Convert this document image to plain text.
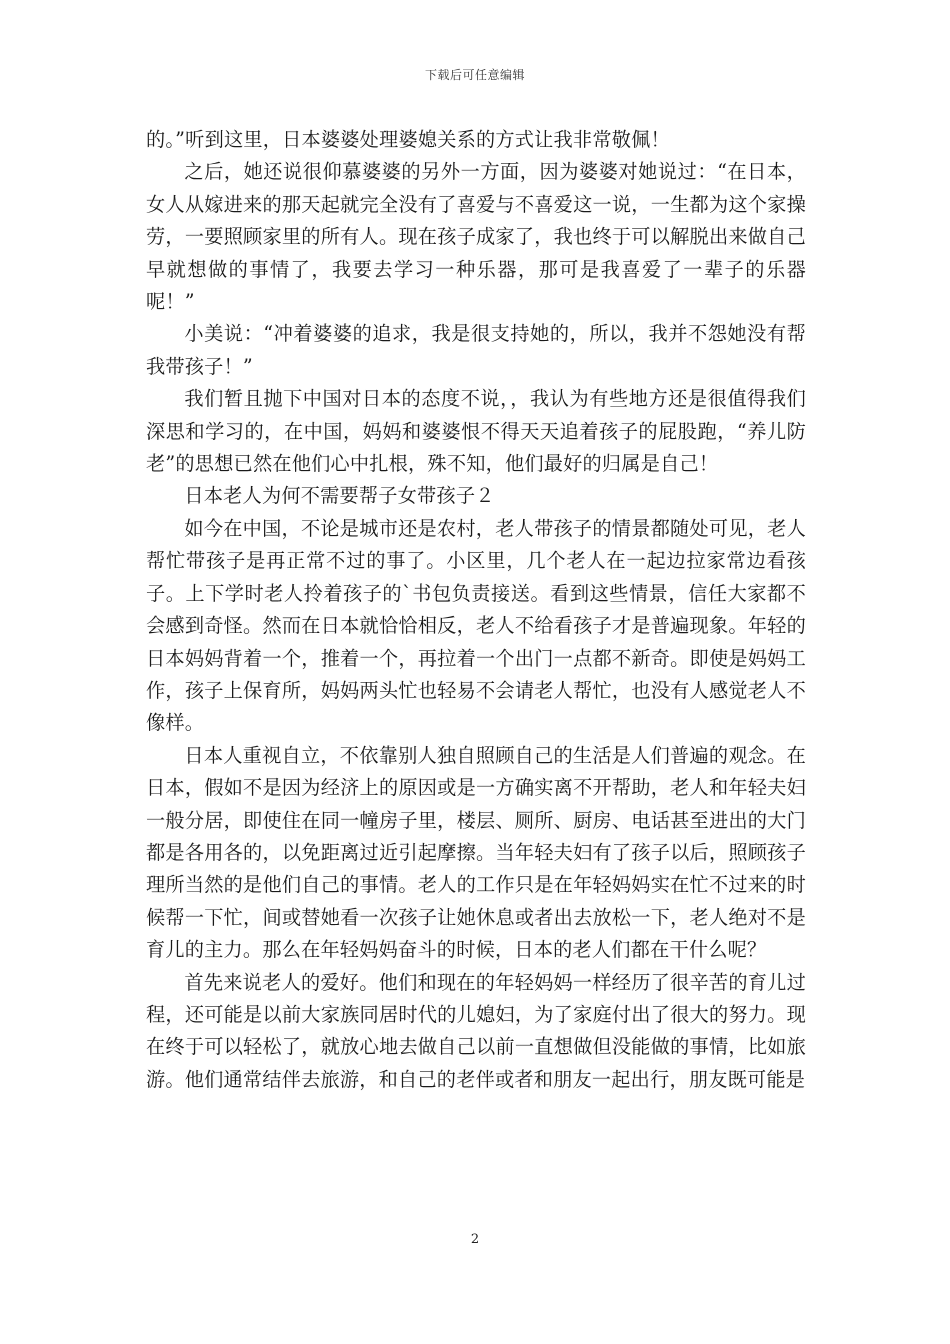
下载后可任意编辑

的。”听到这里，日本婆婆处理婆媳关系的方式让我非常敬佩！

之后，她还说很仰慕婆婆的另外一方面，因为婆婆对她说过：“在日本，女人从嫁进来的那天起就完全没有了喜爱与不喜爱这一说，一生都为这个家操劳，一要照顾家里的所有人。现在孩子成家了，我也终于可以解脱出来做自己早就想做的事情了，我要去学习一种乐器，那可是我喜爱了一辈子的乐器呢！”

小美说：“冲着婆婆的追求，我是很支持她的，所以，我并不怨她没有帮我带孩子！”

我们暂且抛下中国对日本的态度不说，，我认为有些地方还是很值得我们深思和学习的，在中国，妈妈和婆婆恨不得天天追着孩子的屁股跑，“养儿防老”的思想已然在他们心中扎根，殊不知，他们最好的归属是自己！

日本老人为何不需要帮子女带孩子２

如今在中国，不论是城市还是农村，老人带孩子的情景都随处可见，老人帮忙带孩子是再正常不过的事了。小区里，几个老人在一起边拉家常边看孩子。上下学时老人拎着孩子的`书包负责接送。看到这些情景，信任大家都不会感到奇怪。然而在日本就恰恰相反，老人不给看孩子才是普遍现象。年轻的日本妈妈背着一个，推着一个，再拉着一个出门一点都不新奇。即使是妈妈工作，孩子上保育所，妈妈两头忙也轻易不会请老人帮忙，也没有人感觉老人不像样。

日本人重视自立，不依靠别人独自照顾自己的生活是人们普遍的观念。在日本，假如不是因为经济上的原因或是一方确实离不开帮助，老人和年轻夫妇一般分居，即使住在同一幢房子里，楼层、厕所、厨房、电话甚至进出的大门都是各用各的，以免距离过近引起摩擦。当年轻夫妇有了孩子以后，照顾孩子理所当然的是他们自己的事情。老人的工作只是在年轻妈妈实在忙不过来的时候帮一下忙，间或替她看一次孩子让她休息或者出去放松一下，老人绝对不是育儿的主力。那么在年轻妈妈奋斗的时候，日本的老人们都在干什么呢？

首先来说老人的爱好。他们和现在的年轻妈妈一样经历了很辛苦的育儿过程，还可能是以前大家族同居时代的儿媳妇，为了家庭付出了很大的努力。现在终于可以轻松了，就放心地去做自己以前一直想做但没能做的事情，比如旅游。他们通常结伴去旅游，和自己的老伴或者和朋友一起出行，朋友既可能是

2
